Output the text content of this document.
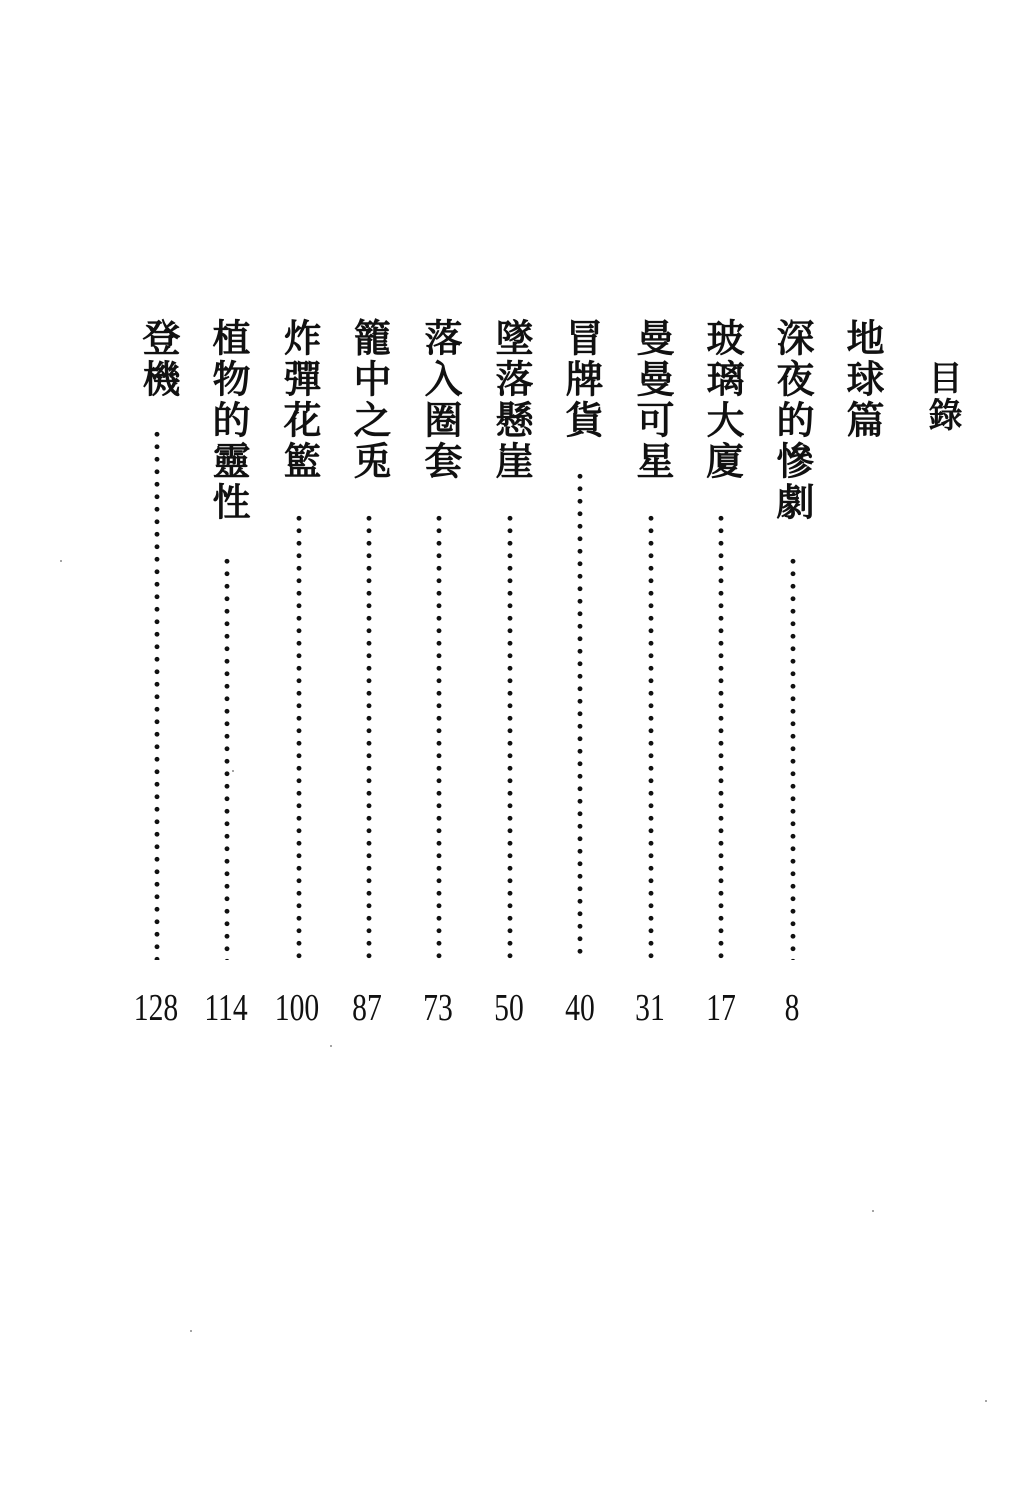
目錄
地球篇
深夜的慘劇
8
玻璃大廈
17
曼曼可星
31
冒牌貨
40
墜落懸崖
50
落入圈套
73
籠中之兎
87
炸彈花籃
100
植物的靈性
114
登機
128
